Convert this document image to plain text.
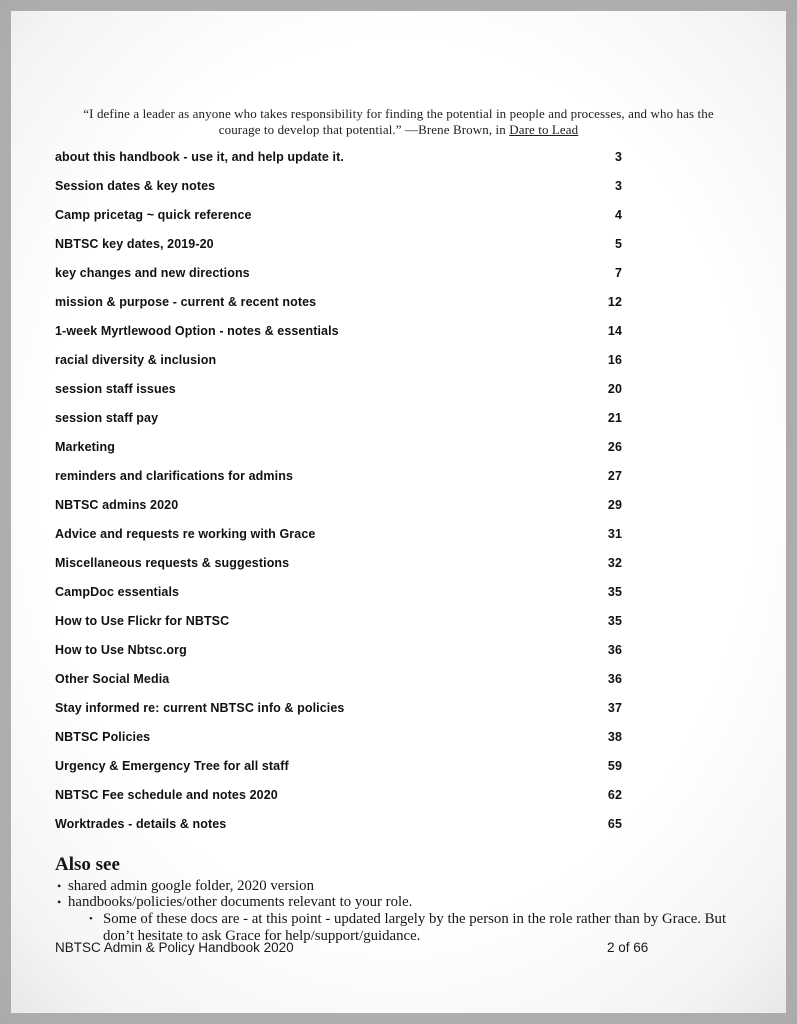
“I define a leader as anyone who takes responsibility for finding the potential in people and processes, and who has the
courage to develop that potential.” —Brene Brown, in Dare to Lead
about this handbook - use it, and help update it.	3
Session dates & key notes	3
Camp pricetag ~ quick reference	4
NBTSC key dates, 2019-20	5
key changes and new directions	7
mission & purpose - current & recent notes	12
1-week Myrtlewood Option - notes & essentials	14
racial diversity & inclusion	16
session staff issues	20
session staff pay	21
Marketing	26
reminders and clarifications for admins	27
NBTSC admins 2020	29
Advice and requests re working with Grace	31
Miscellaneous requests & suggestions	32
CampDoc essentials	35
How to Use Flickr for NBTSC	35
How to Use Nbtsc.org	36
Other Social Media	36
Stay informed re: current NBTSC info & policies	37
NBTSC Policies	38
Urgency & Emergency Tree for all staff	59
NBTSC Fee schedule and notes 2020	62
Worktrades - details & notes	65
Also see
• shared admin google folder, 2020 version
• handbooks/policies/other documents relevant to your role.
• Some of these docs are - at this point - updated largely by the person in the role rather than by Grace. But don’t hesitate to ask Grace for help/support/guidance.
NBTSC Admin & Policy Handbook 2020	2 of 66
